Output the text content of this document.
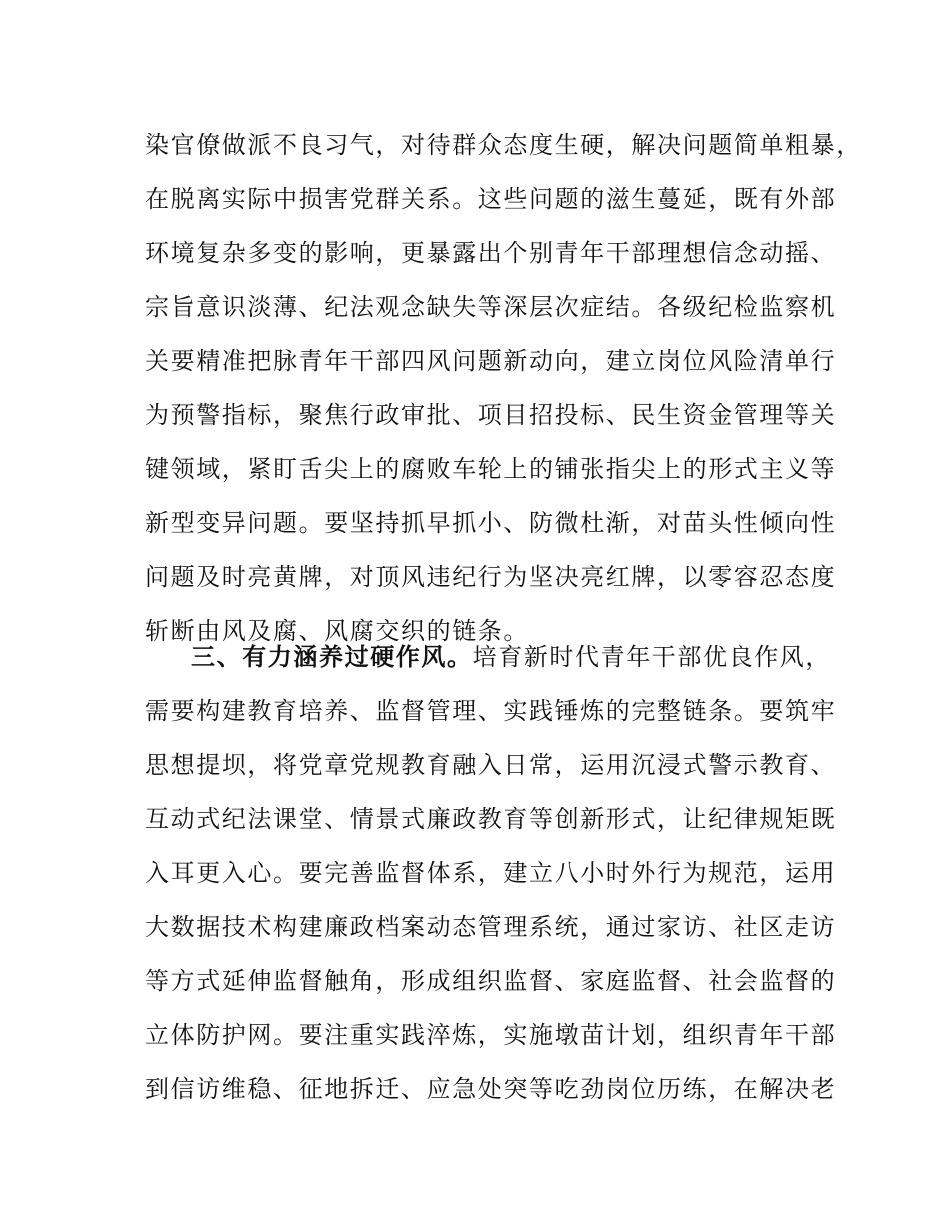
染官僚做派不良习气，对待群众态度生硬，解决问题简单粗暴，
在脱离实际中损害党群关系。这些问题的滋生蔓延，既有外部
环境复杂多变的影响，更暴露出个别青年干部理想信念动摇、
宗旨意识淡薄、纪法观念缺失等深层次症结。各级纪检监察机
关要精准把脉青年干部四风问题新动向，建立岗位风险清单行
为预警指标，聚焦行政审批、项目招投标、民生资金管理等关
键领域，紧盯舌尖上的腐败车轮上的铺张指尖上的形式主义等
新型变异问题。要坚持抓早抓小、防微杜渐，对苗头性倾向性
问题及时亮黄牌，对顶风违纪行为坚决亮红牌，以零容忍态度
斩断由风及腐、风腐交织的链条。
三、有力涵养过硬作风。培育新时代青年干部优良作风，
需要构建教育培养、监督管理、实践锤炼的完整链条。要筑牢
思想提坝，将党章党规教育融入日常，运用沉浸式警示教育、
互动式纪法课堂、情景式廉政教育等创新形式，让纪律规矩既
入耳更入心。要完善监督体系，建立八小时外行为规范，运用
大数据技术构建廉政档案动态管理系统，通过家访、社区走访
等方式延伸监督触角，形成组织监督、家庭监督、社会监督的
立体防护网。要注重实践淬炼，实施墩苗计划，组织青年干部
到信访维稳、征地拆迁、应急处突等吃劲岗位历练，在解决老
